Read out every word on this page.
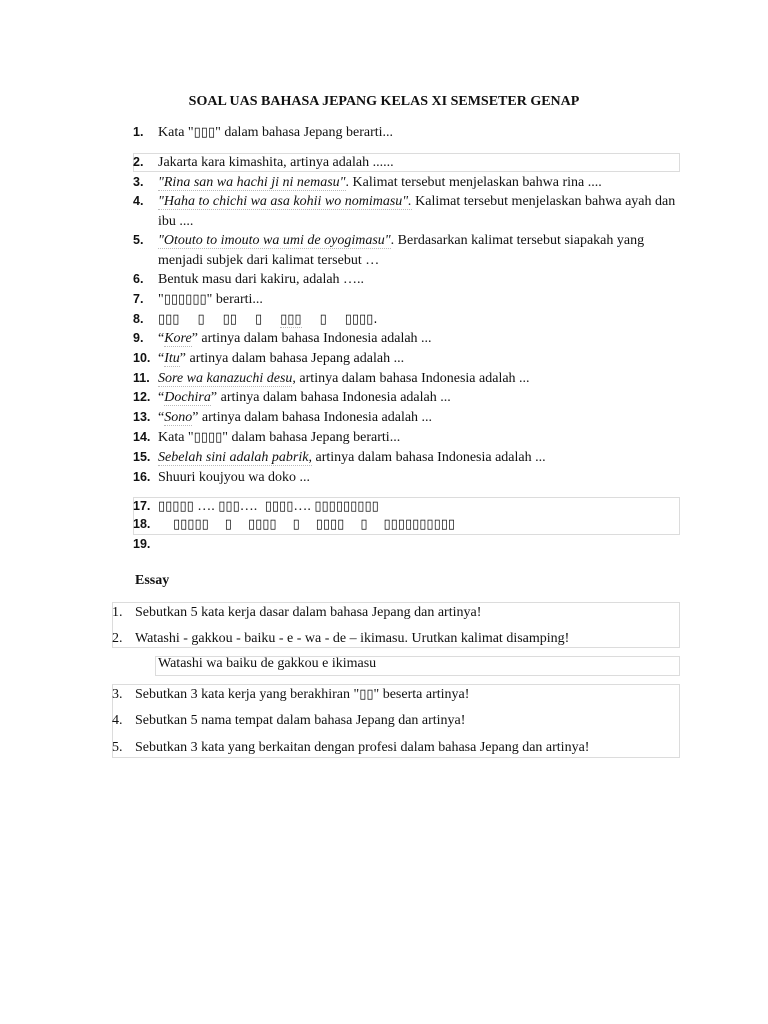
SOAL UAS BAHASA JEPANG KELAS XI SEMSETER GENAP
1.	Kata "▯▯▯" dalam bahasa Jepang berarti...
2.	Jakarta kara kimashita, artinya adalah ......
3.	"Rina san wa hachi ji ni nemasu". Kalimat tersebut menjelaskan bahwa rina ....
4.	"Haha to chichi wa asa kohii wo nomimasu". Kalimat tersebut menjelaskan bahwa ayah dan ibu ....
5.	"Otouto to imouto wa umi de oyogimasu". Berdasarkan kalimat tersebut siapakah yang menjadi subjek dari kalimat tersebut …
6.	Bentuk masu dari kakiru, adalah …..
7.	"▯▯▯▯▯▯" berarti...
8.	▯▯▯ ▯ ▯▯ ▯ ▯▯▯ ▯ ▯▯▯▯.
9.	“Kore” artinya dalam bahasa Indonesia adalah ...
10. “Itu” artinya dalam bahasa Jepang adalah ...
11. Sore wa kanazuchi desu, artinya dalam bahasa Indonesia adalah ...
12. “Dochira” artinya dalam bahasa Indonesia adalah ...
13. “Sono” artinya dalam bahasa Indonesia adalah ...
14. Kata "▯▯▯▯" dalam bahasa Jepang berarti...
15. Sebelah sini adalah pabrik, artinya dalam bahasa Indonesia adalah ...
16. Shuuri koujyou wa doko ...
17. ▯▯▯▯▯ …. ▯▯▯…. ▯▯▯▯…. ▯▯▯▯▯▯▯▯▯
18.	▯▯▯▯▯ ▯ ▯▯▯▯ ▯ ▯▯▯▯ ▯ ▯▯▯▯▯▯▯▯▯▯
19.
Essay
1. Sebutkan 5 kata kerja dasar dalam bahasa Jepang dan artinya!
2. Watashi - gakkou - baiku - e - wa - de – ikimasu. Urutkan kalimat disamping!
Watashi wa baiku de gakkou e ikimasu
3. Sebutkan 3 kata kerja yang berakhiran "▯▯" beserta artinya!
4. Sebutkan 5 nama tempat dalam bahasa Jepang dan artinya!
5. Sebutkan 3 kata yang berkaitan dengan profesi dalam bahasa Jepang dan artinya!
